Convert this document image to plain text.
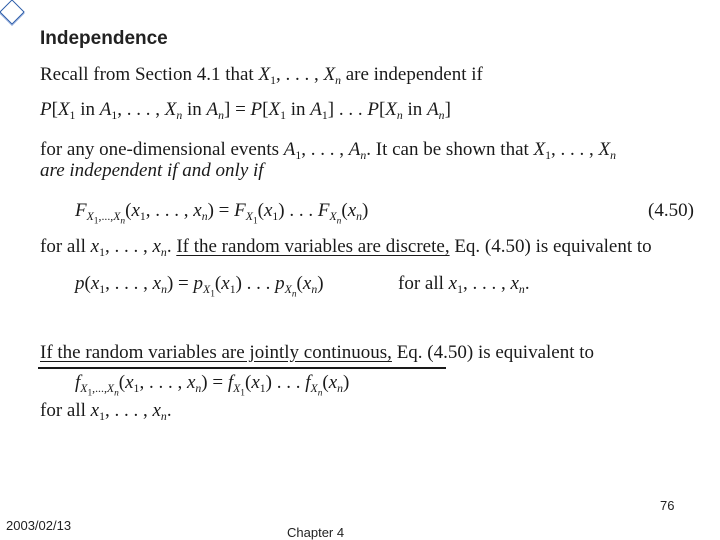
Independence
Recall from Section 4.1 that $X_1$, . . . , $X_n$ are independent if
$P[X_1$ in $A_1$, . . . , $X_n$ in $A_n] = P[X_1$ in $A_1$] . . . $P[X_n$ in $A_n$]
for any one-dimensional events $A_1$, . . . , $A_n$. It can be shown that $X_1$, . . . , $X_n$
are independent if and only if
$F_{X_1,...,X_n}(x_1$, . . . , $x_n) = F_{X_1}(x_1)$ . . . $F_{X_n}(x_n)$	(4.50)
for all $x_1$, . . . , $x_n$. If the random variables are discrete, Eq. (4.50) is equivalent to
$p(x_1$, . . . , $x_n) = p_{X_1}(x_1)$ . . . $p_{X_n}(x_n)$	for all $x_1$, . . . , $x_n$.
If the random variables are jointly continuous, Eq. (4.50) is equivalent to
$f_{X_1,...,X_n}(x_1$, . . . , $x_n) = f_{X_1}(x_1)$ . . . $f_{X_n}(x_n)$
for all $x_1$, . . . , $x_n$.
76
2003/02/13	Chapter 4
